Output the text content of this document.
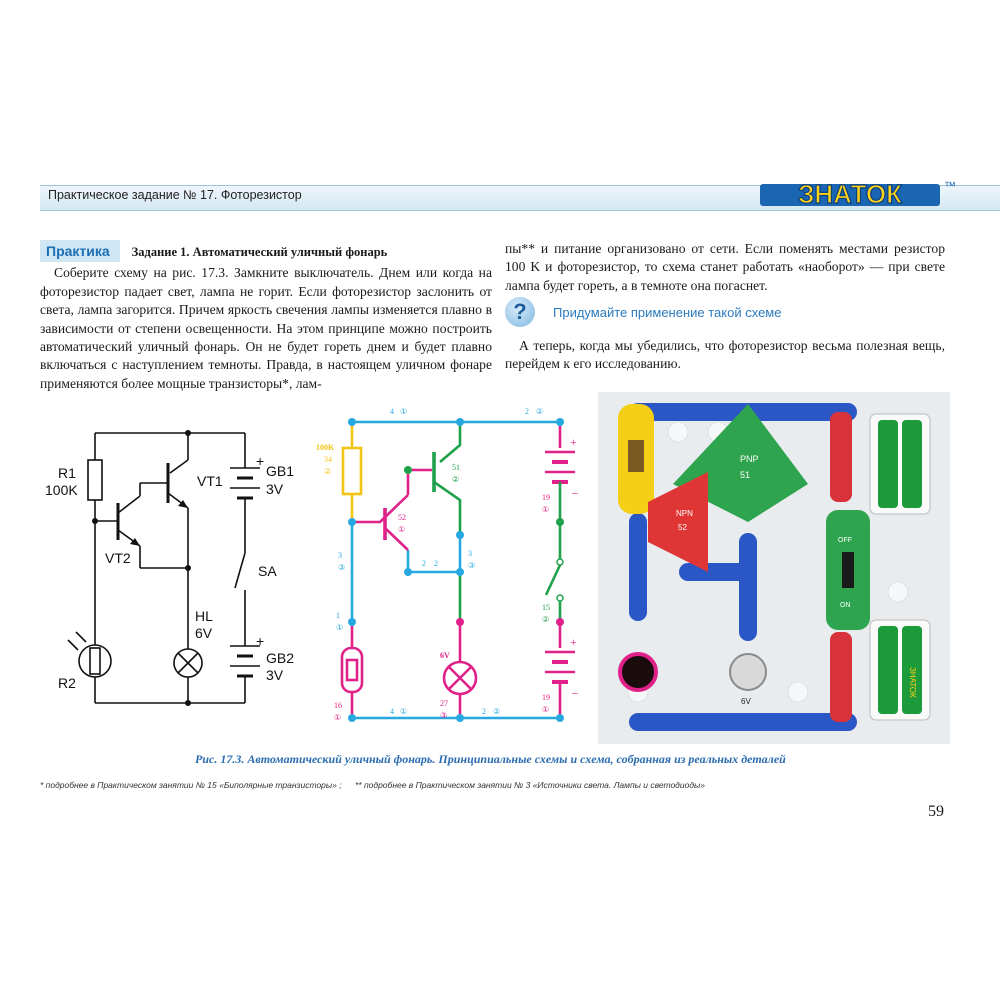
Практическое задание № 17. Фоторезистор	ЗНАТОК	™

Практика Задание 1. Автоматический уличный фонарь

Соберите схему на рис. 17.3. Замкните выключатель. Днем или когда на фоторезистор падает свет, лампа не горит. Если фоторезистор заслонить от света, лампа загорится. Причем яркость свечения лампы изменяется плавно в зависимости от степени освещенности. На этом принципе можно построить автоматический уличный фонарь. Он не будет гореть днем и будет плавно включаться с наступлением темноты. Правда, в настоящем уличном фонаре применяются более мощные транзисторы*, лам-

пы** и питание организовано от сети. Если поменять местами резистор 100 K и фоторезистор, то схема станет работать «наоборот» — при свете лампа будет гореть, а в темноте она погаснет.

?	Придумайте применение такой схеме

А теперь, когда мы убедились, что фоторезистор весьма полезная вещь, перейдем к его исследованию.

R1
100K
VT1
VT2
GB1
3V
+
SA
HL
6V
GB2
3V
+
R2
4 ①	2 ②
100K
34
②
52
①
51
②
3
③	2 2
3
③
1
①
19
①
15
②
19
①
16
①
6V
27
③
4 ①	2 ②
+
–
+
–
PNP
51
NPN
52
ЗНАТОК
OFF
ON
6V
Рис. 17.3. Автоматический уличный фонарь. Принципиальные схемы и схема, собранная из реальных деталей
* подробнее в Практическом занятии № 15 «Биполярные транзисторы» ; ** подробнее в Практическом занятии № 3 «Источники света. Лампы и светодиоды»
59
